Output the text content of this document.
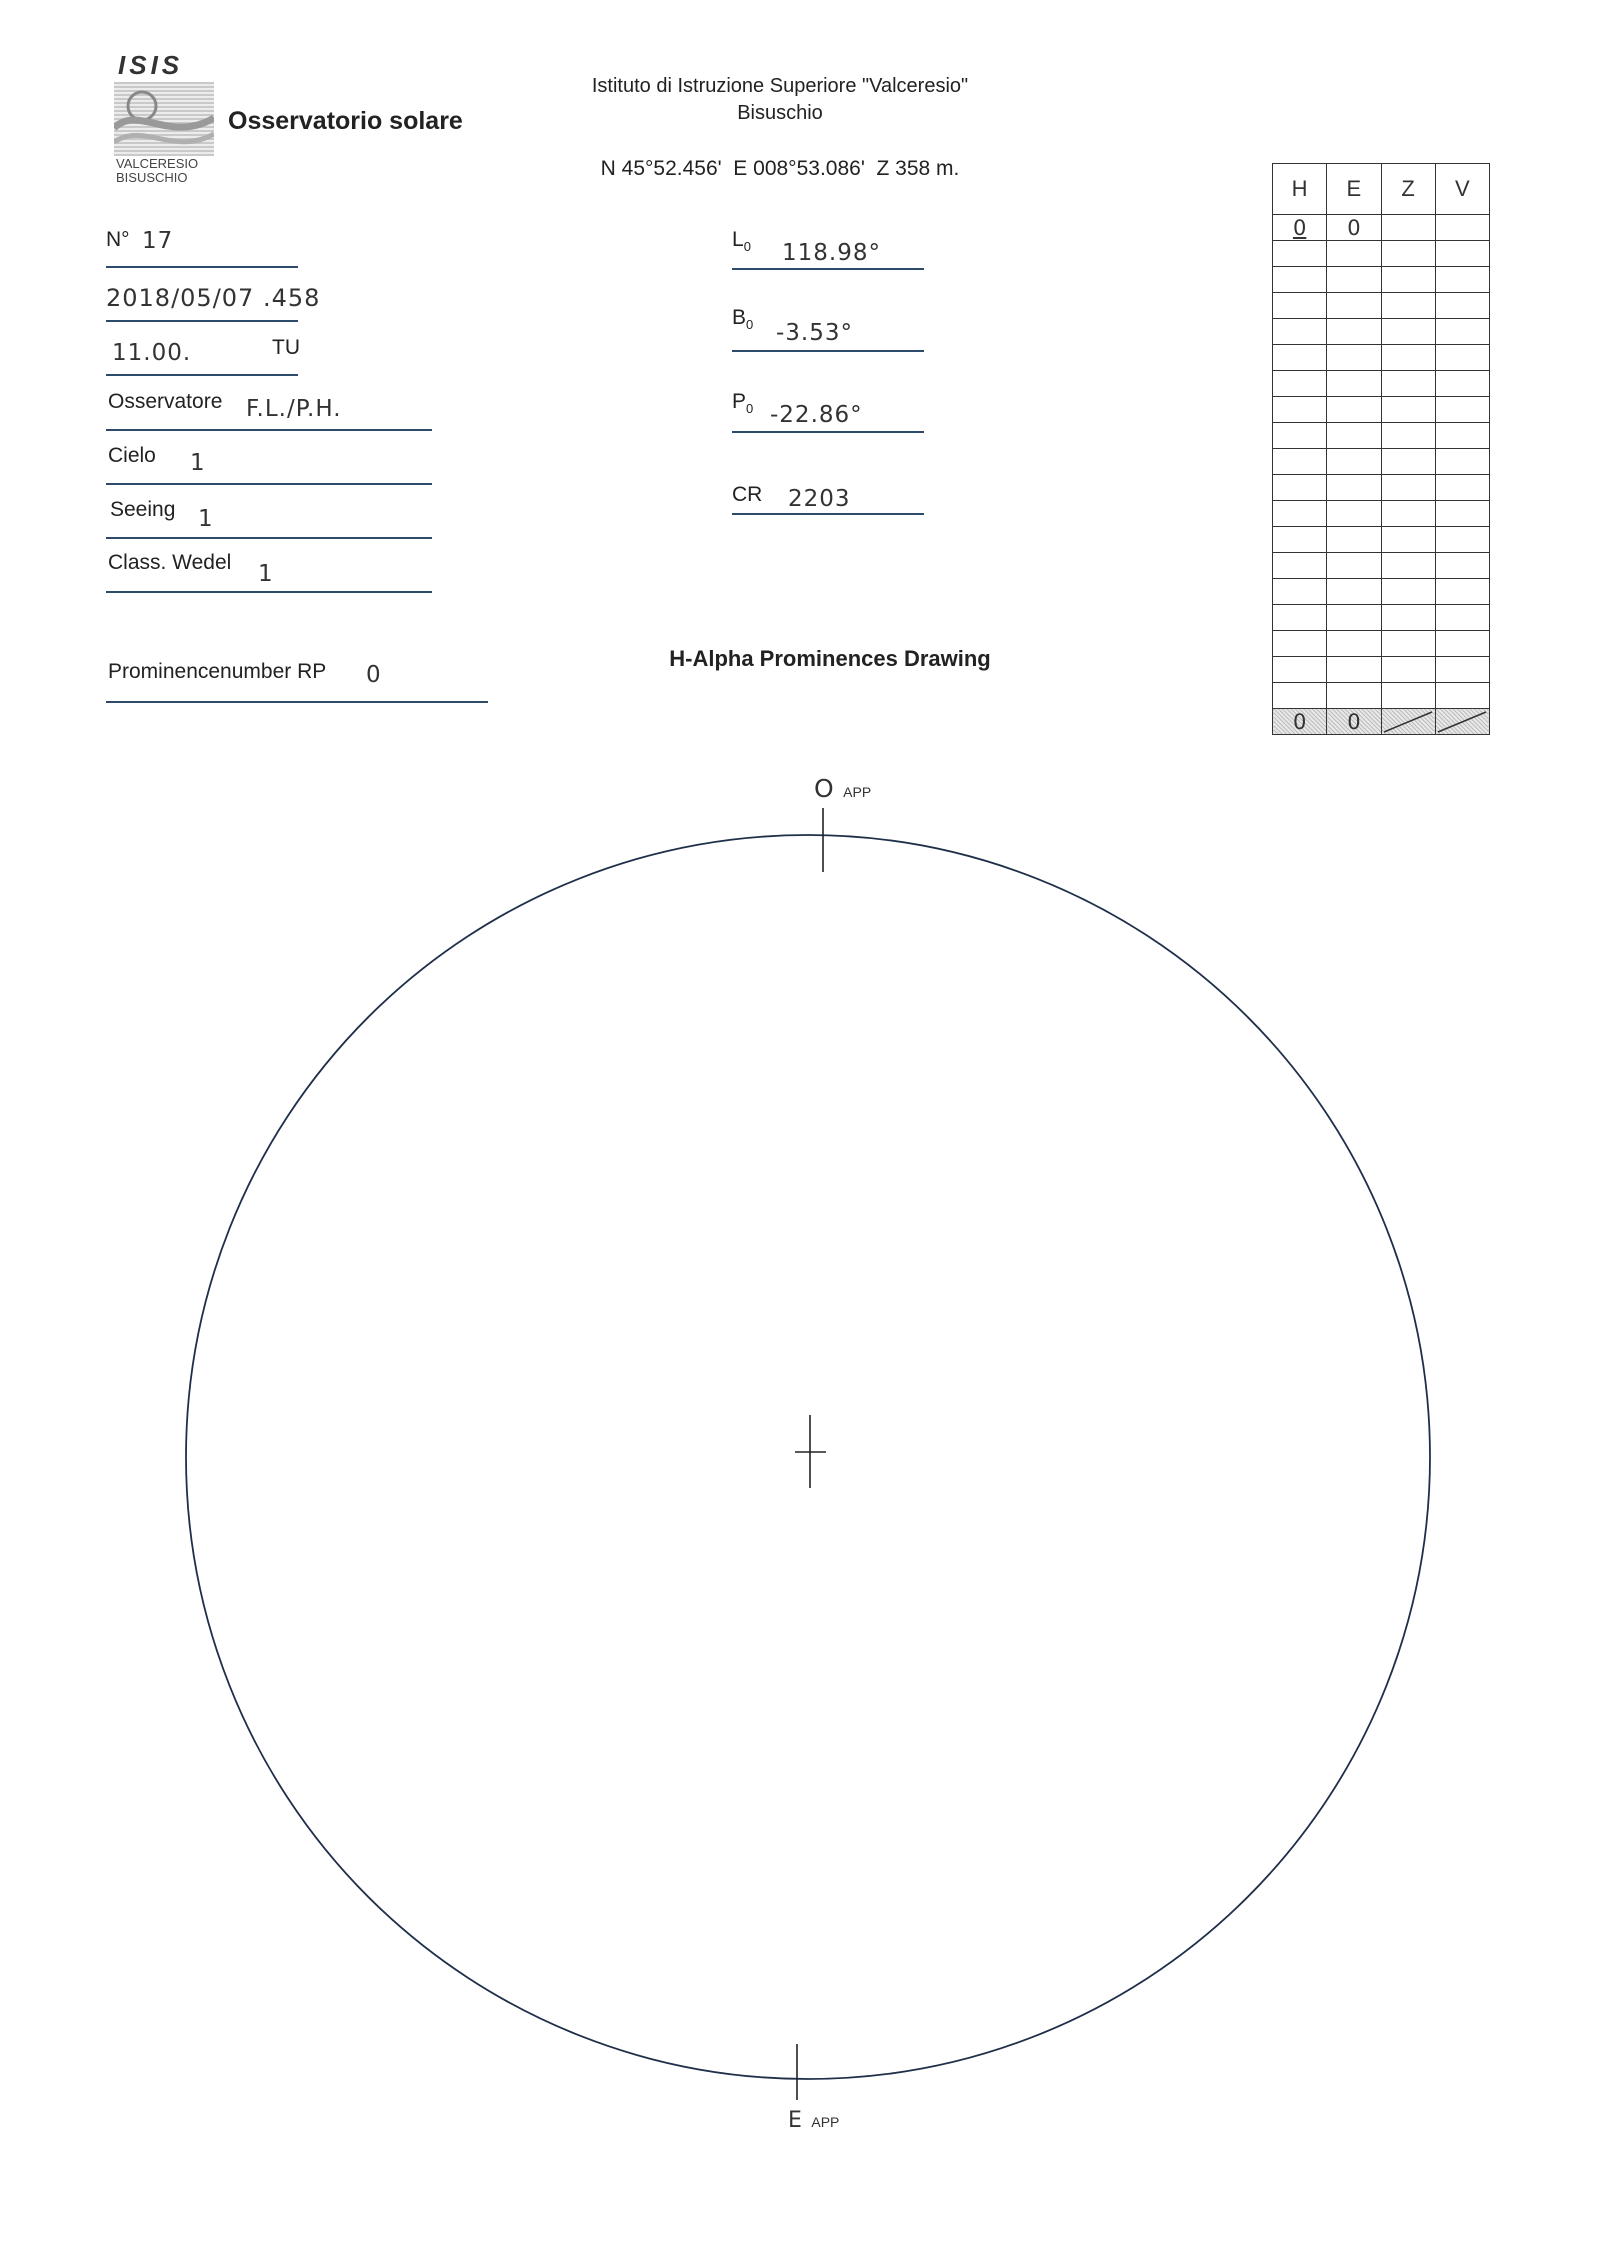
ISIS
VALCERESIO
BISUSCHIO
Osservatorio solare
Istituto di Istruzione Superiore "Valceresio"
Bisuschio
N 45°52.456'  E 008°53.086'  Z 358 m.
N° 17
2018/05/07 .458
11.00.	TU
Osservatore F.L./P.H.
Cielo 1
Seeing 1
Class. Wedel 1
Prominencenumber RP 0
$L_0$ 118.98°
$B_0$ -3.53°
$P_0$ -22.86°
CR 2203
H-Alpha Prominences Drawing
H	E	Z	V
0	0		

0	0	

O APP
E APP
